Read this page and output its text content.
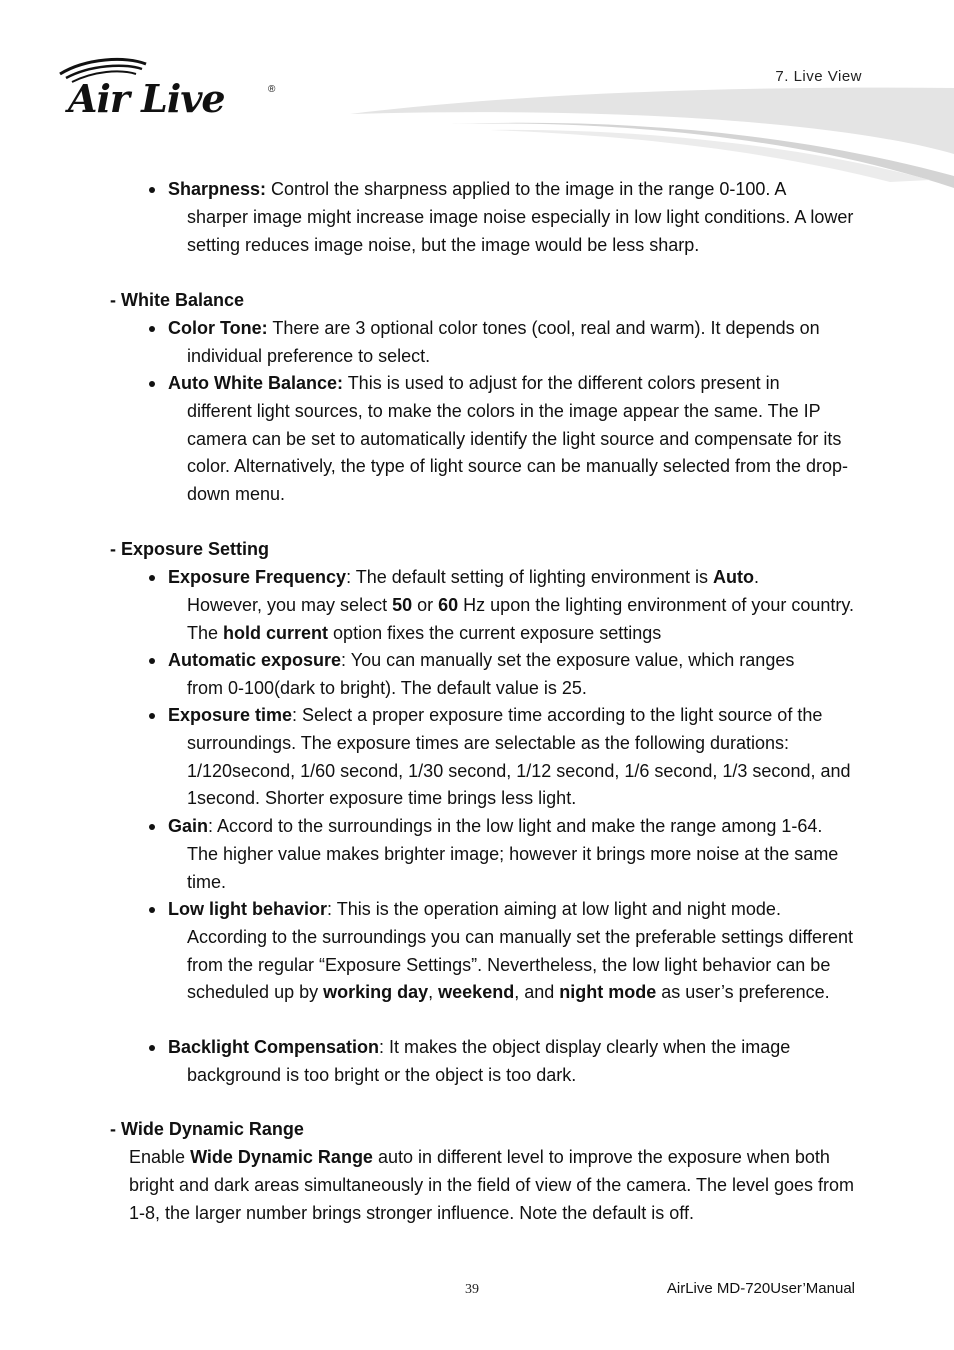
Air Live	®
7. Live View
Sharpness: Control the sharpness applied to the image in the range 0-100. A
sharper image might increase image noise especially in low light conditions. A lower setting reduces image noise, but the image would be less sharp.
- White Balance
Color Tone: There are 3 optional color tones (cool, real and warm). It depends on
individual preference to select.
Auto White Balance: This is used to adjust for the different colors present in
different light sources, to make the colors in the image appear the same. The IP camera can be set to automatically identify the light source and compensate for its color. Alternatively, the type of light source can be manually selected from the drop-down menu.
- Exposure Setting
Exposure Frequency: The default setting of lighting environment is Auto.
However, you may select 50 or 60 Hz upon the lighting environment of your country. The hold current option fixes the current exposure settings
Automatic exposure: You can manually set the exposure value, which ranges
from 0-100(dark to bright). The default value is 25.
Exposure time: Select a proper exposure time according to the light source of the
surroundings. The exposure times are selectable as the following durations: 1/120second, 1/60 second, 1/30 second, 1/12 second, 1/6 second, 1/3 second, and 1second. Shorter exposure time brings less light.
Gain: Accord to the surroundings in the low light and make the range among 1-64.
The higher value makes brighter image; however it brings more noise at the same time.
Low light behavior: This is the operation aiming at low light and night mode.
According to the surroundings you can manually set the preferable settings different from the regular “Exposure Settings”. Nevertheless, the low light behavior can be scheduled up by working day, weekend, and night mode as user’s preference.
Backlight Compensation: It makes the object display clearly when the image
background is too bright or the object is too dark.
- Wide Dynamic Range
Enable Wide Dynamic Range auto in different level to improve the exposure when both bright and dark areas simultaneously in the field of view of the camera. The level goes from 1-8, the larger number brings stronger influence. Note the default is off.
39	AirLive MD-720User’Manual
